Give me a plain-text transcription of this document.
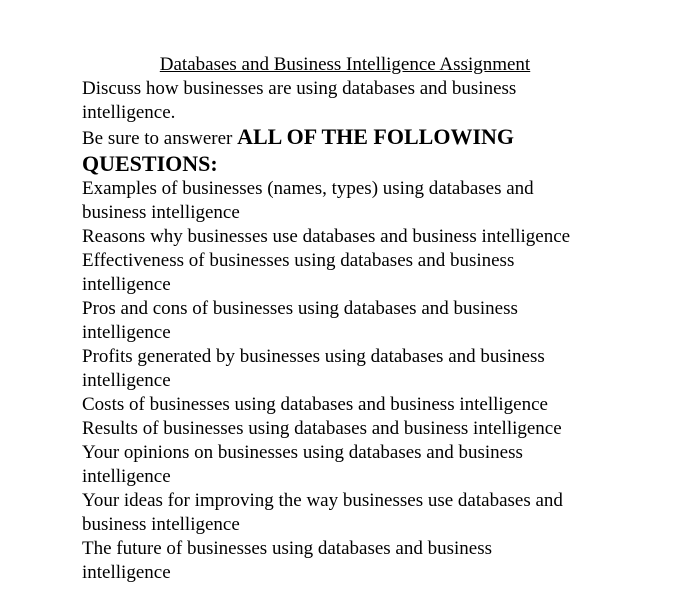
Databases and Business Intelligence Assignment

Discuss how businesses are using databases and business

intelligence.

Be sure to answerer ALL OF THE FOLLOWING

QUESTIONS:

Examples of businesses (names, types) using databases and

business intelligence

Reasons why businesses use databases and business intelligence

Effectiveness of businesses using databases and business

intelligence

Pros and cons of businesses using databases and business

intelligence

Profits generated by businesses using databases and business

intelligence

Costs of businesses using databases and business intelligence

Results of businesses using databases and business intelligence

Your opinions on businesses using databases and business

intelligence

Your ideas for improving the way businesses use databases and

business intelligence

The future of businesses using databases and business

intelligence
